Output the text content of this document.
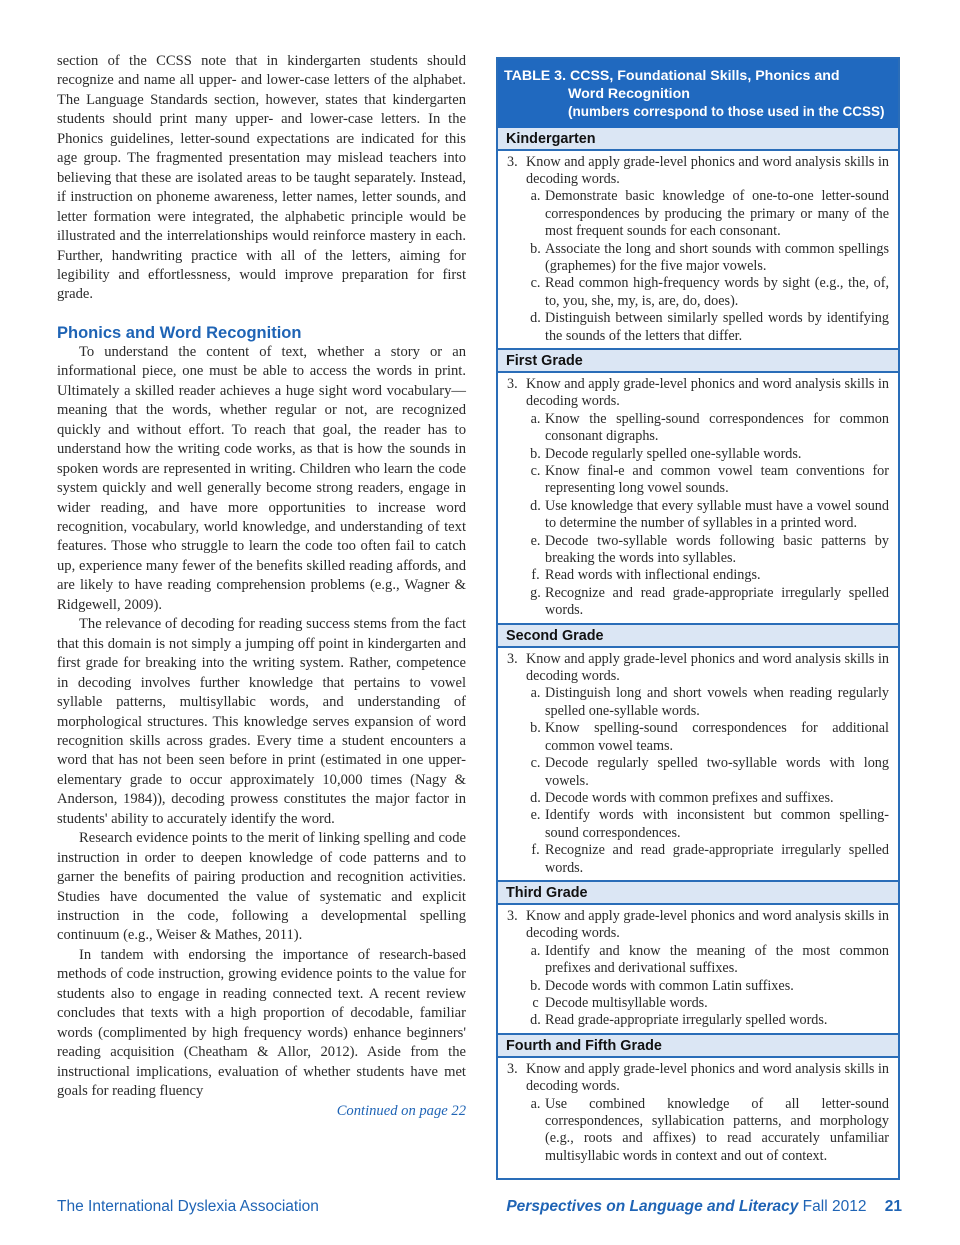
section of the CCSS note that in kindergarten students should recognize and name all upper- and lower-case letters of the alphabet. The Language Standards section, however, states that kindergarten students should print many upper- and lower-case letters. In the Phonics guidelines, letter-sound expectations are indicated for this age group. The fragmented presentation may mislead teachers into believing that these are isolated areas to be taught separately. Instead, if instruction on phoneme awareness, letter names, letter sounds, and letter formation were integrated, the alphabetic principle would be illustrated and the interrelationships would reinforce mastery in each. Further, handwriting practice with all of the letters, aiming for legibility and effortlessness, would improve preparation for first grade.

Phonics and Word Recognition

To understand the content of text, whether a story or an informational piece, one must be able to access the words in print. Ultimately a skilled reader achieves a huge sight word vocabulary—meaning that the words, whether regular or not, are recognized quickly and without effort. To reach that goal, the reader has to understand how the writing code works, as that is how the sounds in spoken words are represented in writing. Children who learn the code system quickly and well generally become strong readers, engage in wider reading, and have more opportunities to increase word recognition, vocabulary, world knowledge, and understanding of text features. Those who struggle to learn the code too often fail to catch up, experience many fewer of the benefits skilled reading affords, and are likely to have reading comprehension problems (e.g., Wagner & Ridgewell, 2009).

The relevance of decoding for reading success stems from the fact that this domain is not simply a jumping off point in kindergarten and first grade for breaking into the writing system. Rather, competence in decoding involves further knowledge that pertains to vowel syllable patterns, multisyllabic words, and understanding of morphological structures. This knowledge serves expansion of word recognition skills across grades. Every time a student encounters a word that has not been seen before in print (estimated in one upper-elementary grade to occur approximately 10,000 times (Nagy & Anderson, 1984)), decoding prowess constitutes the major factor in students' ability to accurately identify the word.

Research evidence points to the merit of linking spelling and code instruction in order to deepen knowledge of code patterns and to garner the benefits of pairing production and recognition activities. Studies have documented the value of systematic and explicit instruction in the code, following a developmental spelling continuum (e.g., Weiser & Mathes, 2011).

In tandem with endorsing the importance of research-based methods of code instruction, growing evidence points to the value for students also to engage in reading connected text. A recent review concludes that texts with a high proportion of decodable, familiar words (complimented by high frequency words) enhance beginners' reading acquisition (Cheatham & Allor, 2012). Aside from the instructional implications, evaluation of whether students have met goals for reading fluency

Continued on page 22
TABLE 3. CCSS, Foundational Skills, Phonics and
Word Recognition
(numbers correspond to those used in the CCSS)
Kindergarten
3. Know and apply grade-level phonics and word analysis skills in decoding words.
a. Demonstrate basic knowledge of one-to-one letter-sound correspondences by producing the primary or many of the most frequent sounds for each consonant.
b. Associate the long and short sounds with common spellings (graphemes) for the five major vowels.
c. Read common high-frequency words by sight (e.g., the, of, to, you, she, my, is, are, do, does).
d. Distinguish between similarly spelled words by identifying the sounds of the letters that differ.
First Grade
3. Know and apply grade-level phonics and word analysis skills in decoding words.
a. Know the spelling-sound correspondences for common consonant digraphs.
b. Decode regularly spelled one-syllable words.
c. Know final-e and common vowel team conventions for representing long vowel sounds.
d. Use knowledge that every syllable must have a vowel sound to determine the number of syllables in a printed word.
e. Decode two-syllable words following basic patterns by breaking the words into syllables.
f. Read words with inflectional endings.
g. Recognize and read grade-appropriate irregularly spelled words.
Second Grade
3. Know and apply grade-level phonics and word analysis skills in decoding words.
a. Distinguish long and short vowels when reading regularly spelled one-syllable words.
b. Know spelling-sound correspondences for additional common vowel teams.
c. Decode regularly spelled two-syllable words with long vowels.
d. Decode words with common prefixes and suffixes.
e. Identify words with inconsistent but common spelling-sound correspondences.
f. Recognize and read grade-appropriate irregularly spelled words.
Third Grade
3. Know and apply grade-level phonics and word analysis skills in decoding words.
a. Identify and know the meaning of the most common prefixes and derivational suffixes.
b. Decode words with common Latin suffixes.
c Decode multisyllable words.
d. Read grade-appropriate irregularly spelled words.
Fourth and Fifth Grade
3. Know and apply grade-level phonics and word analysis skills in decoding words.
a. Use combined knowledge of all letter-sound correspondences, syllabication patterns, and morphology (e.g., roots and affixes) to read accurately unfamiliar multisyllabic words in context and out of context.
The International Dyslexia Association	Perspectives on Language and Literacy Fall 2012 21
